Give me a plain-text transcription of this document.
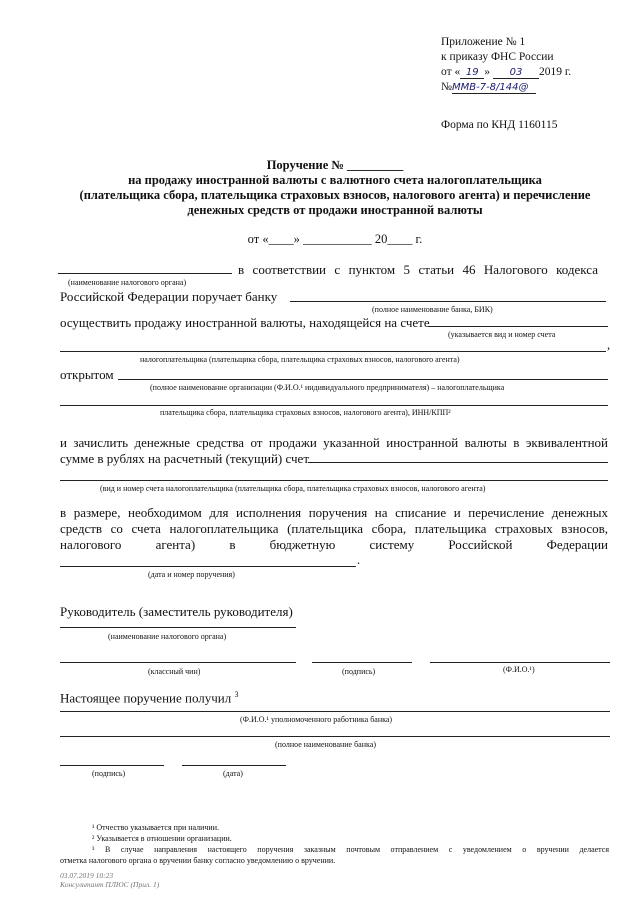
Приложение № 1
к приказу ФНС России
от « 19 » 03 2019 г.
№ММВ-7-8/144@
Форма по КНД 1160115
Поручение № _________
на продажу иностранной валюты с валютного счета налогоплательщика
(плательщика сбора, плательщика страховых взносов, налогового агента) и перечисление
денежных средств от продажи иностранной валюты
от «____» ___________ 20____ г.
в соответствии с пунктом 5 статьи 46 Налогового кодекса
(наименование налогового органа)
Российской Федерации поручает банку
(полное наименование банка, БИК)
осуществить продажу иностранной валюты, находящейся на счете
(указывается вид и номер счета
,
налогоплательщика (плательщика сбора, плательщика страховых взносов, налогового агента)
открытом
(полное наименование организации (Ф.И.О.¹ индивидуального предпринимателя) – налогоплательщика
плательщика сбора, плательщика страховых взносов, налогового агента), ИНН/КПП²
и зачислить денежные средства от продажи указанной иностранной валюты в эквивалентной
сумме в рублях на расчетный (текущий) счет
(вид и номер счета налогоплательщика (плательщика сбора, плательщика страховых взносов, налогового агента)
в размере, необходимом для исполнения поручения на списание и перечисление денежных
средств со счета налогоплательщика (плательщика сбора, плательщика страховых взносов,
налогового агента) в бюджетную систему Российской Федерации
.
(дата и номер поручения)
Руководитель (заместитель руководителя)
(наименование налогового органа)
(классный чин)	(подпись)	(Ф.И.О.¹)
Настоящее поручение получил $^3$
(Ф.И.О.¹ уполномоченного работника банка)
(полное наименование банка)
(подпись)	(дата)
¹ Отчество указывается при наличии.
² Указывается в отношении организации.
³ В случае направления настоящего поручения заказным почтовым отправлением с уведомлением о вручении делается
отметка налогового органа о вручении банку согласно уведомлению о вручении.
03.07.2019 10:23
Консультант ПЛЮС (Прил. 1)
